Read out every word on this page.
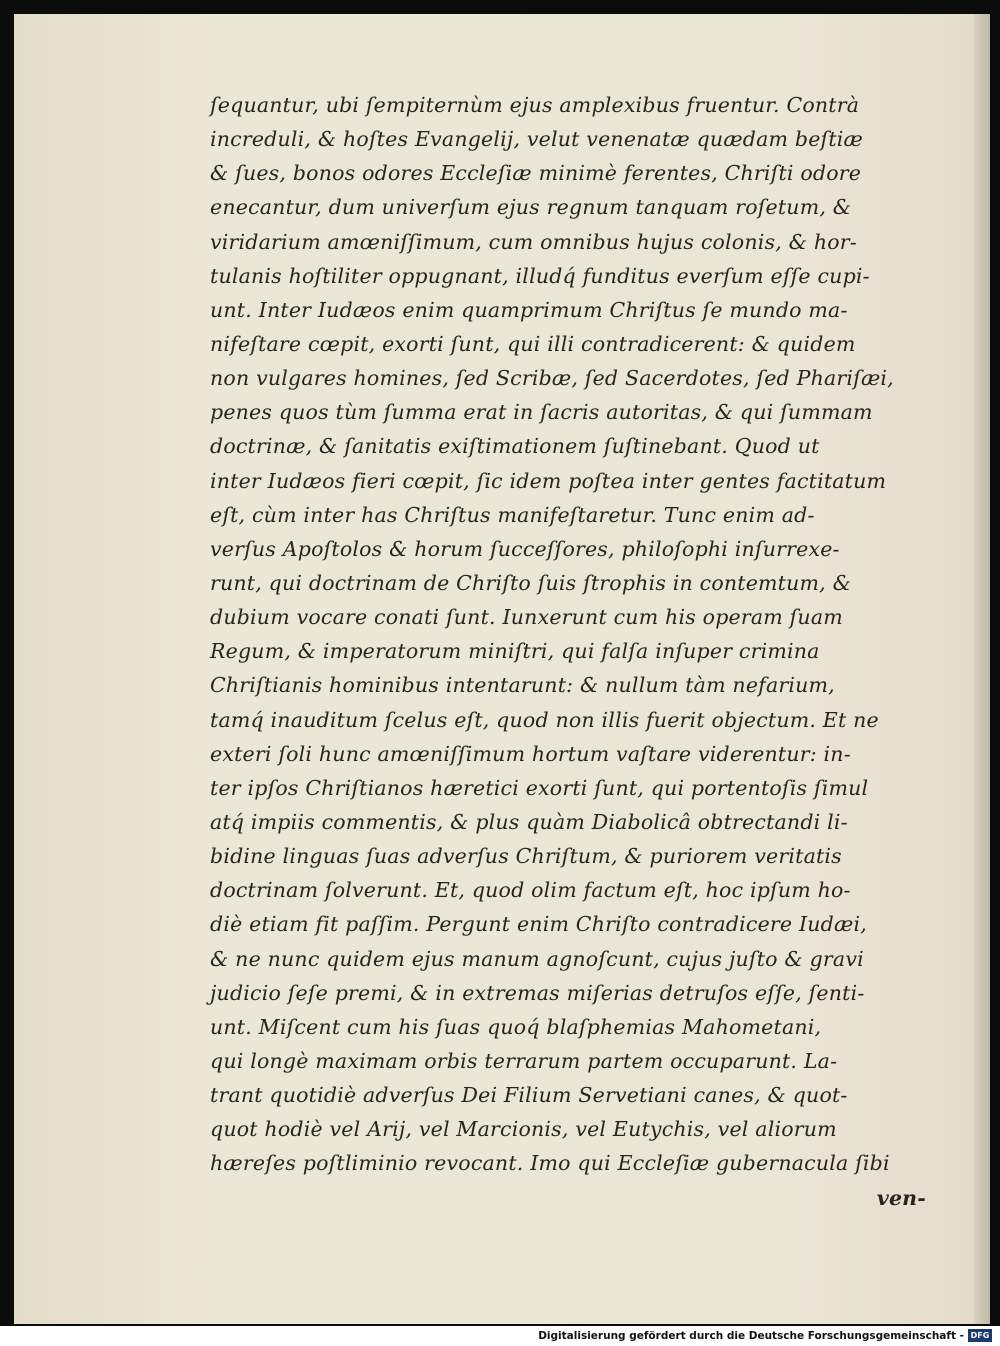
ſequantur, ubi ſempiternùm ejus amplexibus fruentur. Contrà
increduli, & hoſtes Evangelij, velut venenatæ quædam beſtiæ
& ſues, bonos odores Eccleſiæ minimè ferentes, Chriſti odore
enecantur, dum univerſum ejus regnum tanquam roſetum, &
viridarium amœniſſimum, cum omnibus hujus colonis, & hor-
tulanis hoſtiliter oppugnant, illudq́ funditus everſum eſſe cupi-
unt. Inter Iudæos enim quamprimum Chriſtus ſe mundo ma-
nifeſtare cœpit, exorti ſunt, qui illi contradicerent: & quidem
non vulgares homines, ſed Scribæ, ſed Sacerdotes, ſed Phariſæi,
penes quos tùm ſumma erat in ſacris autoritas, & qui ſummam
doctrinæ, & ſanitatis exiſtimationem ſuſtinebant. Quod ut
inter Iudæos fieri cœpit, ſic idem poſtea inter gentes factitatum
eſt, cùm inter has Chriſtus manifeſtaretur. Tunc enim ad-
verſus Apoſtolos & horum ſucceſſores, philoſophi inſurrexe-
runt, qui doctrinam de Chriſto ſuis ſtrophis in contemtum, &
dubium vocare conati ſunt. Iunxerunt cum his operam ſuam
Regum, & imperatorum miniſtri, qui falſa inſuper crimina
Chriſtianis hominibus intentarunt: & nullum tàm nefarium,
tamq́ inauditum ſcelus eſt, quod non illis fuerit objectum. Et ne
exteri ſoli hunc amœniſſimum hortum vaſtare viderentur: in-
ter ipſos Chriſtianos hæretici exorti ſunt, qui portentoſis ſimul
atq́ impiis commentis, & plus quàm Diabolicâ obtrectandi li-
bidine linguas ſuas adverſus Chriſtum, & puriorem veritatis
doctrinam ſolverunt. Et, quod olim factum eſt, hoc ipſum ho-
diè etiam fit paſſim. Pergunt enim Chriſto contradicere Iudæi,
& ne nunc quidem ejus manum agnoſcunt, cujus juſto & gravi
judicio ſeſe premi, & in extremas miſerias detruſos eſſe, ſenti-
unt. Miſcent cum his ſuas quoq́ blaſphemias Mahometani,
qui longè maximam orbis terrarum partem occuparunt. La-
trant quotidiè adverſus Dei Filium Servetiani canes, & quot-
quot hodiè vel Arij, vel Marcionis, vel Eutychis, vel aliorum
hæreſes poſtliminio revocant. Imo qui Eccleſiæ gubernacula ſibi
ven-
Digitalisierung gefördert durch die Deutsche Forschungsgemeinschaft - DFG
